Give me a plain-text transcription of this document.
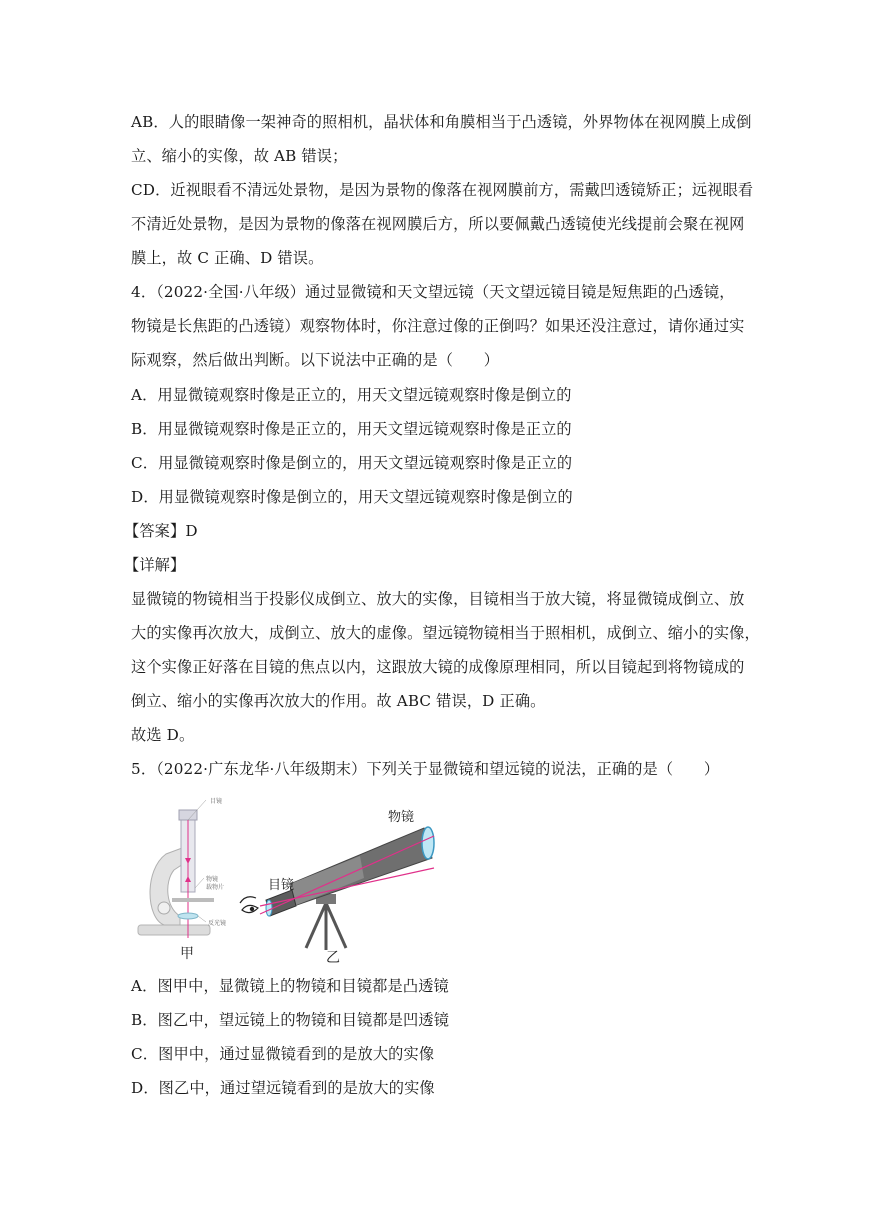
AB．人的眼睛像一架神奇的照相机，晶状体和角膜相当于凸透镜，外界物体在视网膜上成倒
立、缩小的实像，故 AB 错误；
CD．近视眼看不清远处景物，是因为景物的像落在视网膜前方，需戴凹透镜矫正；远视眼看
不清近处景物，是因为景物的像落在视网膜后方，所以要佩戴凸透镜使光线提前会聚在视网
膜上，故 C 正确、D 错误。
4．（2022·全国·八年级）通过显微镜和天文望远镜（天文望远镜目镜是短焦距的凸透镜，
物镜是长焦距的凸透镜）观察物体时，你注意过像的正倒吗？如果还没注意过，请你通过实
际观察，然后做出判断。以下说法中正确的是（　　）
A．用显微镜观察时像是正立的，用天文望远镜观察时像是倒立的
B．用显微镜观察时像是正立的，用天文望远镜观察时像是正立的
C．用显微镜观察时像是倒立的，用天文望远镜观察时像是正立的
D．用显微镜观察时像是倒立的，用天文望远镜观察时像是倒立的
【答案】D
【详解】
显微镜的物镜相当于投影仪成倒立、放大的实像，目镜相当于放大镜，将显微镜成倒立、放
大的实像再次放大，成倒立、放大的虚像。望远镜物镜相当于照相机，成倒立、缩小的实像，
这个实像正好落在目镜的焦点以内，这跟放大镜的成像原理相同，所以目镜起到将物镜成的
倒立、缩小的实像再次放大的作用。故 ABC 错误，D 正确。
故选 D。
5．（2022·广东龙华·八年级期末）下列关于显微镜和望远镜的说法，正确的是（　　）
目镜
物镜
载物片
反光镜
甲
物镜
目镜
乙
A．图甲中，显微镜上的物镜和目镜都是凸透镜
B．图乙中，望远镜上的物镜和目镜都是凹透镜
C．图甲中，通过显微镜看到的是放大的实像
D．图乙中，通过望远镜看到的是放大的实像
